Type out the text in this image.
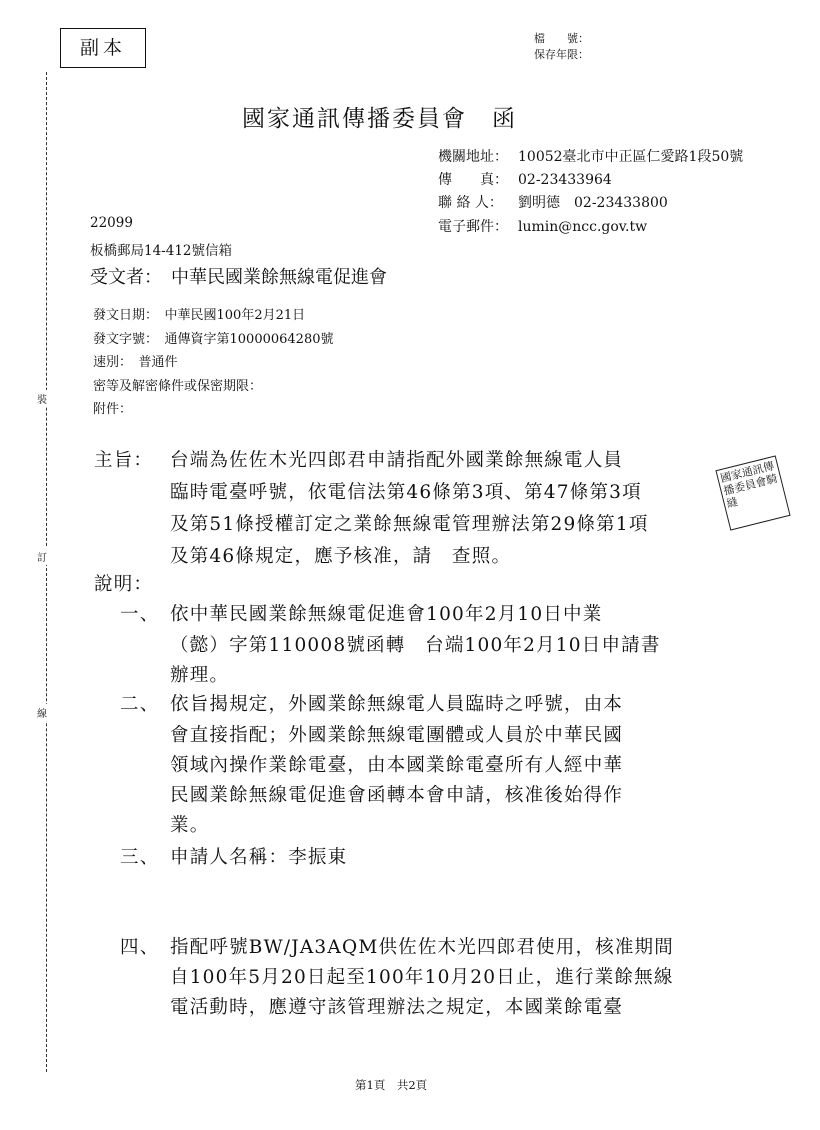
副本	檔　　號：
保存年限：
裝
訂
線
國家通訊傳播委員會　函
機關地址： 10052臺北市中正區仁愛路1段50號
傳　　真： 02-23433964
聯 絡 人： 劉明德　02-23433800
電子郵件： lumin@ncc.gov.tw
22099
板橋郵局14-412號信箱
受文者：　中華民國業餘無線電促進會
發文日期：　中華民國100年2月21日
發文字號：　通傳資字第10000064280號
速別：　普通件
密等及解密條件或保密期限：
附件：
主旨： 台端為佐佐木光四郎君申請指配外國業餘無線電人員
臨時電臺呼號，依電信法第46條第3項、第47條第3項
及第51條授權訂定之業餘無線電管理辦法第29條第1項
及第46條規定，應予核准，請　查照。
說明：
一、 依中華民國業餘無線電促進會100年2月10日中業
（懿）字第110008號函轉　台端100年2月10日申請書
辦理。
二、 依旨揭規定，外國業餘無線電人員臨時之呼號，由本
會直接指配；外國業餘無線電團體或人員於中華民國
領域內操作業餘電臺，由本國業餘電臺所有人經中華
民國業餘無線電促進會函轉本會申請，核准後始得作
業。
三、 申請人名稱：李振東
四、 指配呼號BW/JA3AQM供佐佐木光四郎君使用，核准期間
自100年5月20日起至100年10月20日止，進行業餘無線
電活動時，應遵守該管理辦法之規定，本國業餘電臺
國家通訊傳播委員會騎縫
第1頁　共2頁
